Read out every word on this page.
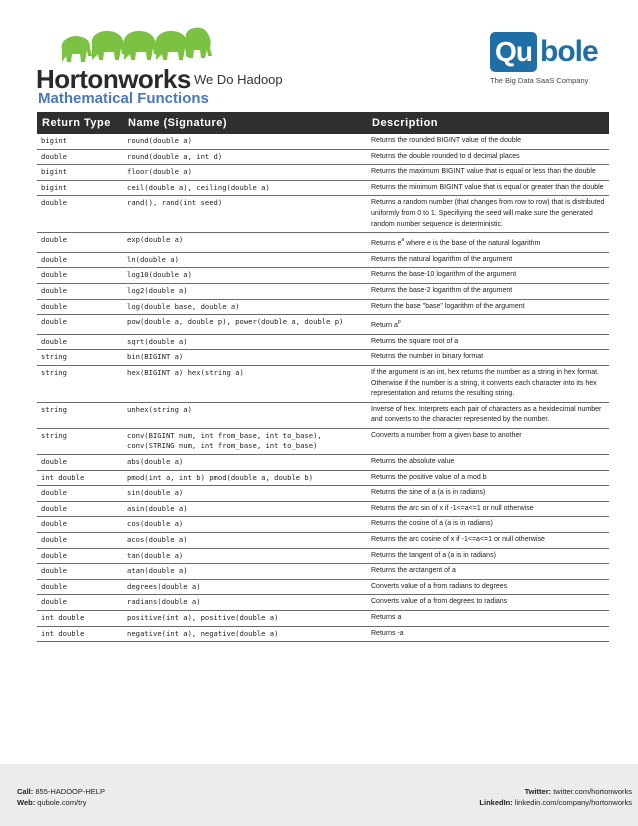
Hortonworks We Do Hadoop
Mathematical Functions
Qu bole
The Big Data SaaS Company
Return Type	Name (Signature)	Description
bigint	round(double a)	Returns the rounded BIGINT value of the double
double	round(double a, int d)	Returns the double rounded to d decimal places
bigint	floor(double a)	Returns the maximum BIGINT value that is equal or less than the double
bigint	ceil(double a), ceiling(double a)	Returns the minimum BIGINT value that is equal or greater than the double
double	rand(), rand(int seed)	Returns a random number (that changes from row to row) that is distributed uniformly from 0 to 1. Specifiying the seed will make sure the generated random number sequence is deterministic.
double	exp(double a)	Returns $e^a$ where e is the base of the natural logarithm
double	ln(double a)	Returns the natural logarithm of the argument
double	log10(double a)	Returns the base-10 logarithm of the argument
double	log2(double a)	Returns the base-2 logarithm of the argument
double	log(double base, double a)	Return the base "base" logarithm of the argument
double	pow(double a, double p), power(double a, double p)	Return $a^p$
double	sqrt(double a)	Returns the square root of a
string	bin(BIGINT a)	Returns the number in binary format
string	hex(BIGINT a) hex(string a)	If the argument is an int, hex returns the number as a string in hex format. Otherwise if the number is a string, it converts each character into its hex representation and returns the resulting string.
string	unhex(string a)	Inverse of hex. Interprets each pair of characters as a hexidecimal number and converts to the character represented by the number.
string	conv(BIGINT num, int from_base, int to_base), conv(STRING num, int from_base, int to_base)	Converts a number from a given base to another
double	abs(double a)	Returns the absolute value
int double	pmod(int a, int b) pmod(double a, double b)	Returns the positive value of a mod b
double	sin(double a)	Returns the sine of a (a is in radians)
double	asin(double a)	Returns the arc sin of x if -1<=a<=1 or null otherwise
double	cos(double a)	Returns the cosine of a (a is in radians)
double	acos(double a)	Returns the arc cosine of x if -1<=a<=1 or null otherwise
double	tan(double a)	Returns the tangent of a (a is in radians)
double	atan(double a)	Returns the arctangent of a
double	degrees(double a)	Converts value of a from radians to degrees
double	radians(double a)	Converts value of a from degrees to radians
int double	positive(int a), positive(double a)	Returns a
int double	negative(int a), negative(double a)	Returns -a
Call: 855-HADOOP-HELP
Web: qubole.com/try
Twitter: twitter.com/hortonworks
LinkedIn: linkedin.com/company/hortonworks
